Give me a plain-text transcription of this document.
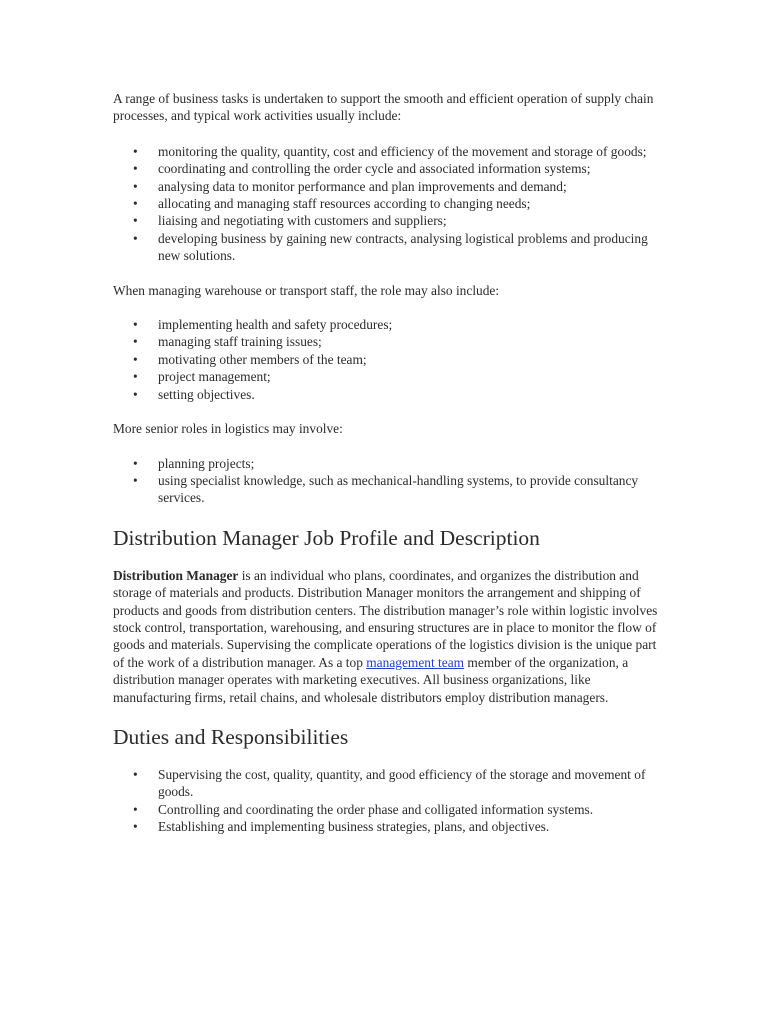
A range of business tasks is undertaken to support the smooth and efficient operation of supply chain processes, and typical work activities usually include:

• monitoring the quality, quantity, cost and efficiency of the movement and storage of goods;
• coordinating and controlling the order cycle and associated information systems;
• analysing data to monitor performance and plan improvements and demand;
• allocating and managing staff resources according to changing needs;
• liaising and negotiating with customers and suppliers;
• developing business by gaining new contracts, analysing logistical problems and producing new solutions.

When managing warehouse or transport staff, the role may also include:

• implementing health and safety procedures;
• managing staff training issues;
• motivating other members of the team;
• project management;
• setting objectives.

More senior roles in logistics may involve:

• planning projects;
• using specialist knowledge, such as mechanical-handling systems, to provide consultancy services.
Distribution Manager Job Profile and Description

Distribution Manager is an individual who plans, coordinates, and organizes the distribution and storage of materials and products. Distribution Manager monitors the arrangement and shipping of products and goods from distribution centers. The distribution manager’s role within logistic involves stock control, transportation, warehousing, and ensuring structures are in place to monitor the flow of goods and materials. Supervising the complicate operations of the logistics division is the unique part of the work of a distribution manager. As a top management team member of the organization, a distribution manager operates with marketing executives. All business organizations, like manufacturing firms, retail chains, and wholesale distributors employ distribution managers.

Duties and Responsibilities
• Supervising the cost, quality, quantity, and good efficiency of the storage and movement of goods.
• Controlling and coordinating the order phase and colligated information systems.
• Establishing and implementing business strategies, plans, and objectives.
